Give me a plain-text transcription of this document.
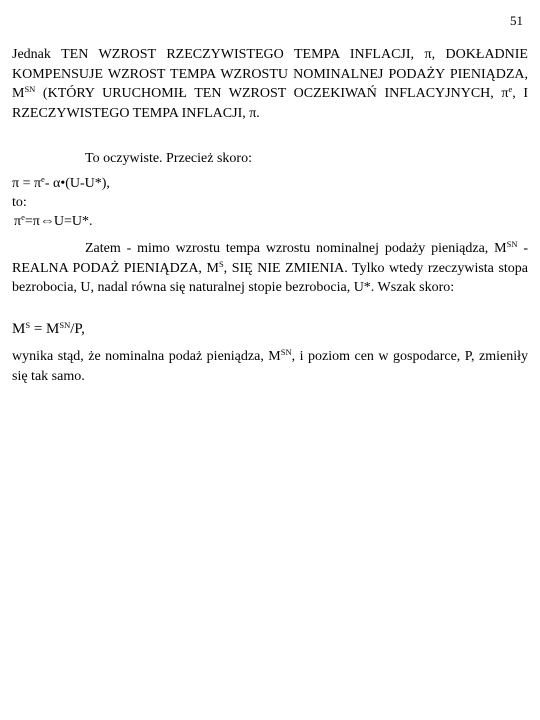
51
Jednak TEN WZROST RZECZYWISTEGO TEMPA INFLACJI, π, DOKŁADNIE KOMPENSUJE WZROST TEMPA WZROSTU NOMINALNEJ PODAŻY PIENIĄDZA, $M^{SN}$ (KTÓRY URUCHOMIŁ TEN WZROST OCZEKIWAŃ INFLACYJNYCH, $\pi^e$, I RZECZYWISTEGO TEMPA INFLACJI, π.
To oczywiste. Przecież skoro:
$\pi = \pi^e-$ α•(U-U*),
to:
$\pi^e=\pi\Leftrightarrow U=U*$.
Zatem - mimo wzrostu tempa wzrostu nominalnej podaży pieniądza, $M^{SN}$ - REALNA PODAŻ PIENIĄDZA, $M^S$, SIĘ NIE ZMIENIA. Tylko wtedy rzeczywista stopa bezrobocia, U, nadal równa się naturalnej stopie bezrobocia, U*. Wszak skoro:
$M^S = M^{SN}/P$,
wynika stąd, że nominalna podaż pieniądza, $M^{SN}$, i poziom cen w gospodarce, P, zmieniły się tak samo.
